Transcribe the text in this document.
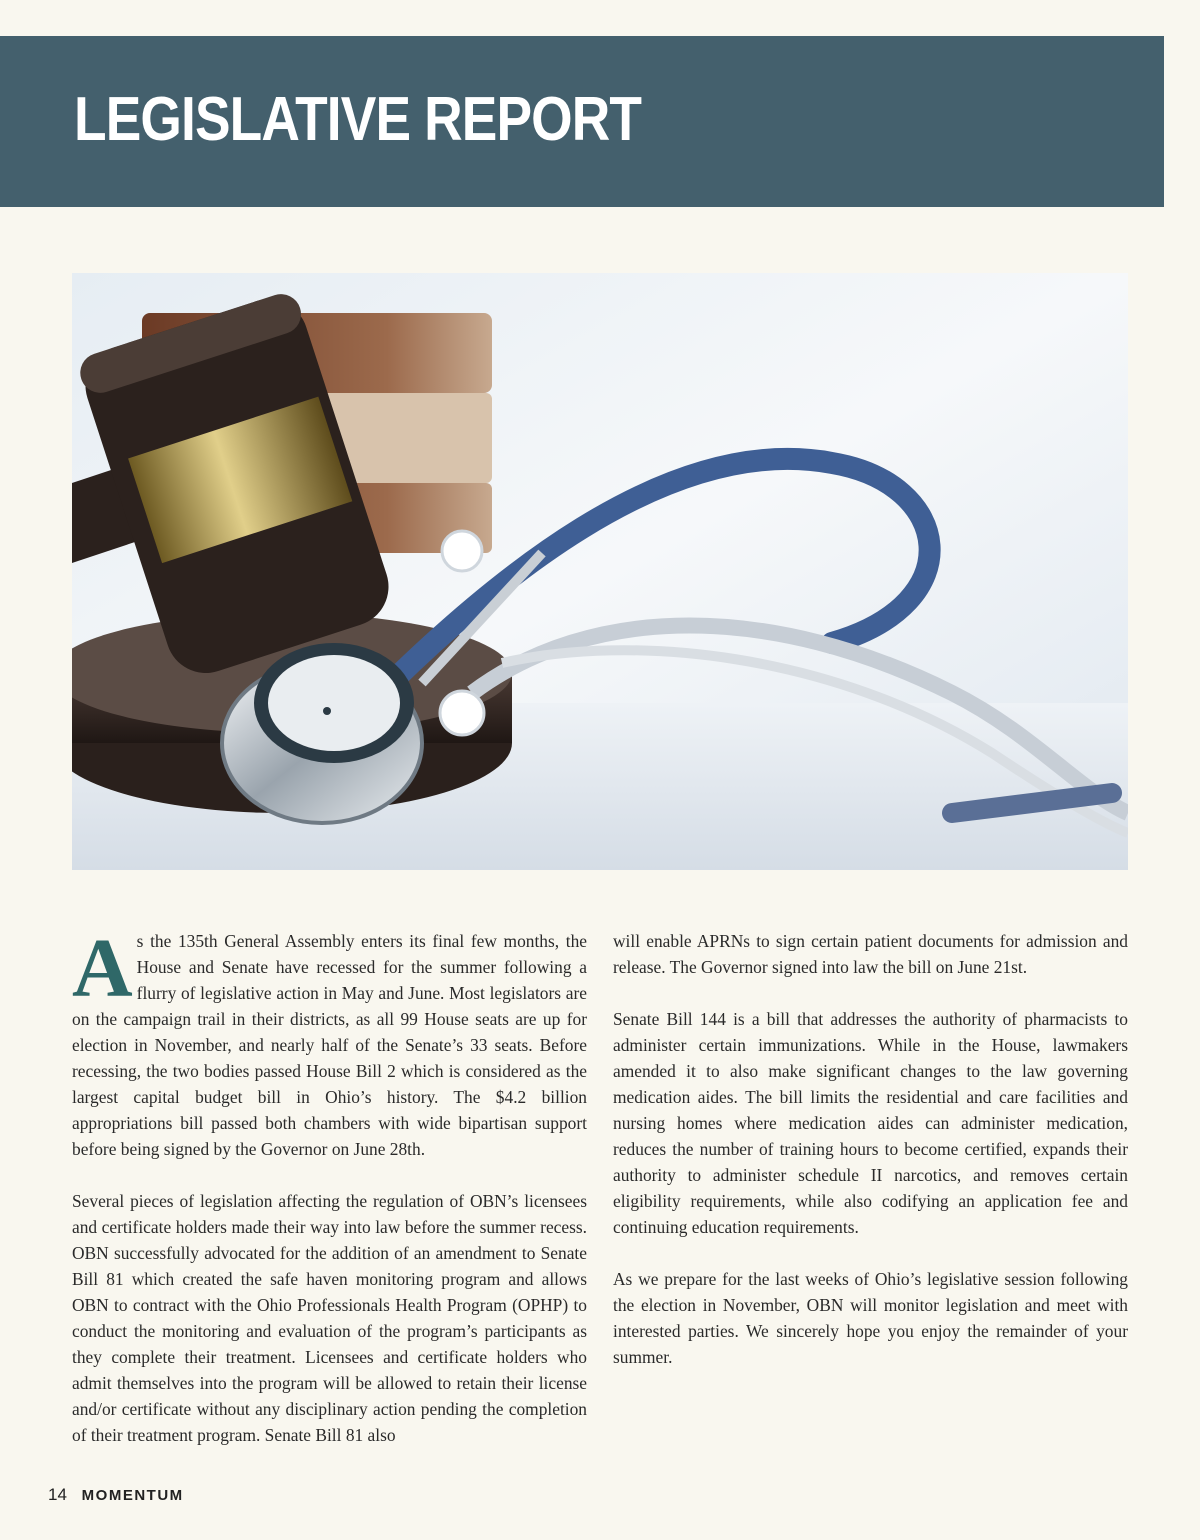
LEGISLATIVE REPORT

As the 135th General Assembly enters its final few months, the House and Senate have recessed for the summer following a flurry of legislative action in May and June. Most legislators are on the campaign trail in their districts, as all 99 House seats are up for election in November, and nearly half of the Senate’s 33 seats. Before recessing, the two bodies passed House Bill 2 which is considered as the largest capital budget bill in Ohio’s history. The $4.2 billion appropriations bill passed both chambers with wide bipartisan support before being signed by the Governor on June 28th.

Several pieces of legislation affecting the regulation of OBN’s licensees and certificate holders made their way into law before the summer recess. OBN successfully advocated for the addition of an amendment to Senate Bill 81 which created the safe haven monitoring program and allows OBN to contract with the Ohio Professionals Health Program (OPHP) to conduct the monitoring and evaluation of the program’s participants as they complete their treatment. Licensees and certificate holders who admit themselves into the program will be allowed to retain their license and/or certificate without any disciplinary action pending the completion of their treatment program. Senate Bill 81 also

will enable APRNs to sign certain patient documents for admission and release. The Governor signed into law the bill on June 21st.

Senate Bill 144 is a bill that addresses the authority of pharmacists to administer certain immunizations. While in the House, lawmakers amended it to also make significant changes to the law governing medication aides. The bill limits the residential and care facilities and nursing homes where medication aides can administer medication, reduces the number of training hours to become certified, expands their authority to administer schedule II narcotics, and removes certain eligibility requirements, while also codifying an application fee and continuing education requirements.

As we prepare for the last weeks of Ohio’s legislative session following the election in November, OBN will monitor legislation and meet with interested parties. We sincerely hope you enjoy the remainder of your summer.

14 MOMENTUM
